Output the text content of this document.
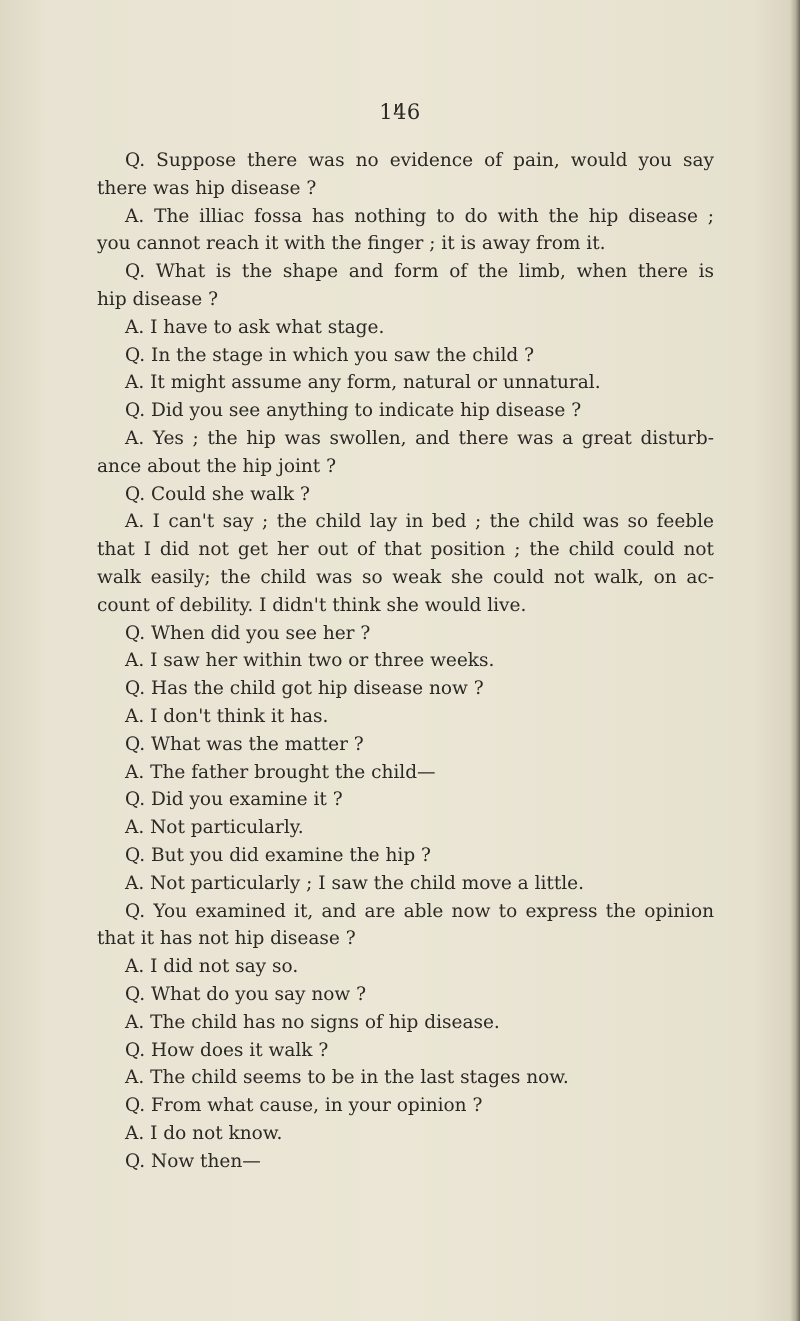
146
Q. Suppose there was no evidence of pain, would you say
there was hip disease ?
A. The illiac fossa has nothing to do with the hip disease ;
you cannot reach it with the finger ; it is away from it.
Q. What is the shape and form of the limb, when there is
hip disease ?
A. I have to ask what stage.
Q. In the stage in which you saw the child ?
A. It might assume any form, natural or unnatural.
Q. Did you see anything to indicate hip disease ?
A. Yes ; the hip was swollen, and there was a great disturb-
ance about the hip joint ?
Q. Could she walk ?
A. I can't say ; the child lay in bed ; the child was so feeble
that I did not get her out of that position ; the child could not
walk easily; the child was so weak she could not walk, on ac-
count of debility. I didn't think she would live.
Q. When did you see her ?
A. I saw her within two or three weeks.
Q. Has the child got hip disease now ?
A. I don't think it has.
Q. What was the matter ?
A. The father brought the child—
Q. Did you examine it ?
A. Not particularly.
Q. But you did examine the hip ?
A. Not particularly ; I saw the child move a little.
Q. You examined it, and are able now to express the opinion
that it has not hip disease ?
A. I did not say so.
Q. What do you say now ?
A. The child has no signs of hip disease.
Q. How does it walk ?
A. The child seems to be in the last stages now.
Q. From what cause, in your opinion ?
A. I do not know.
Q. Now then—
